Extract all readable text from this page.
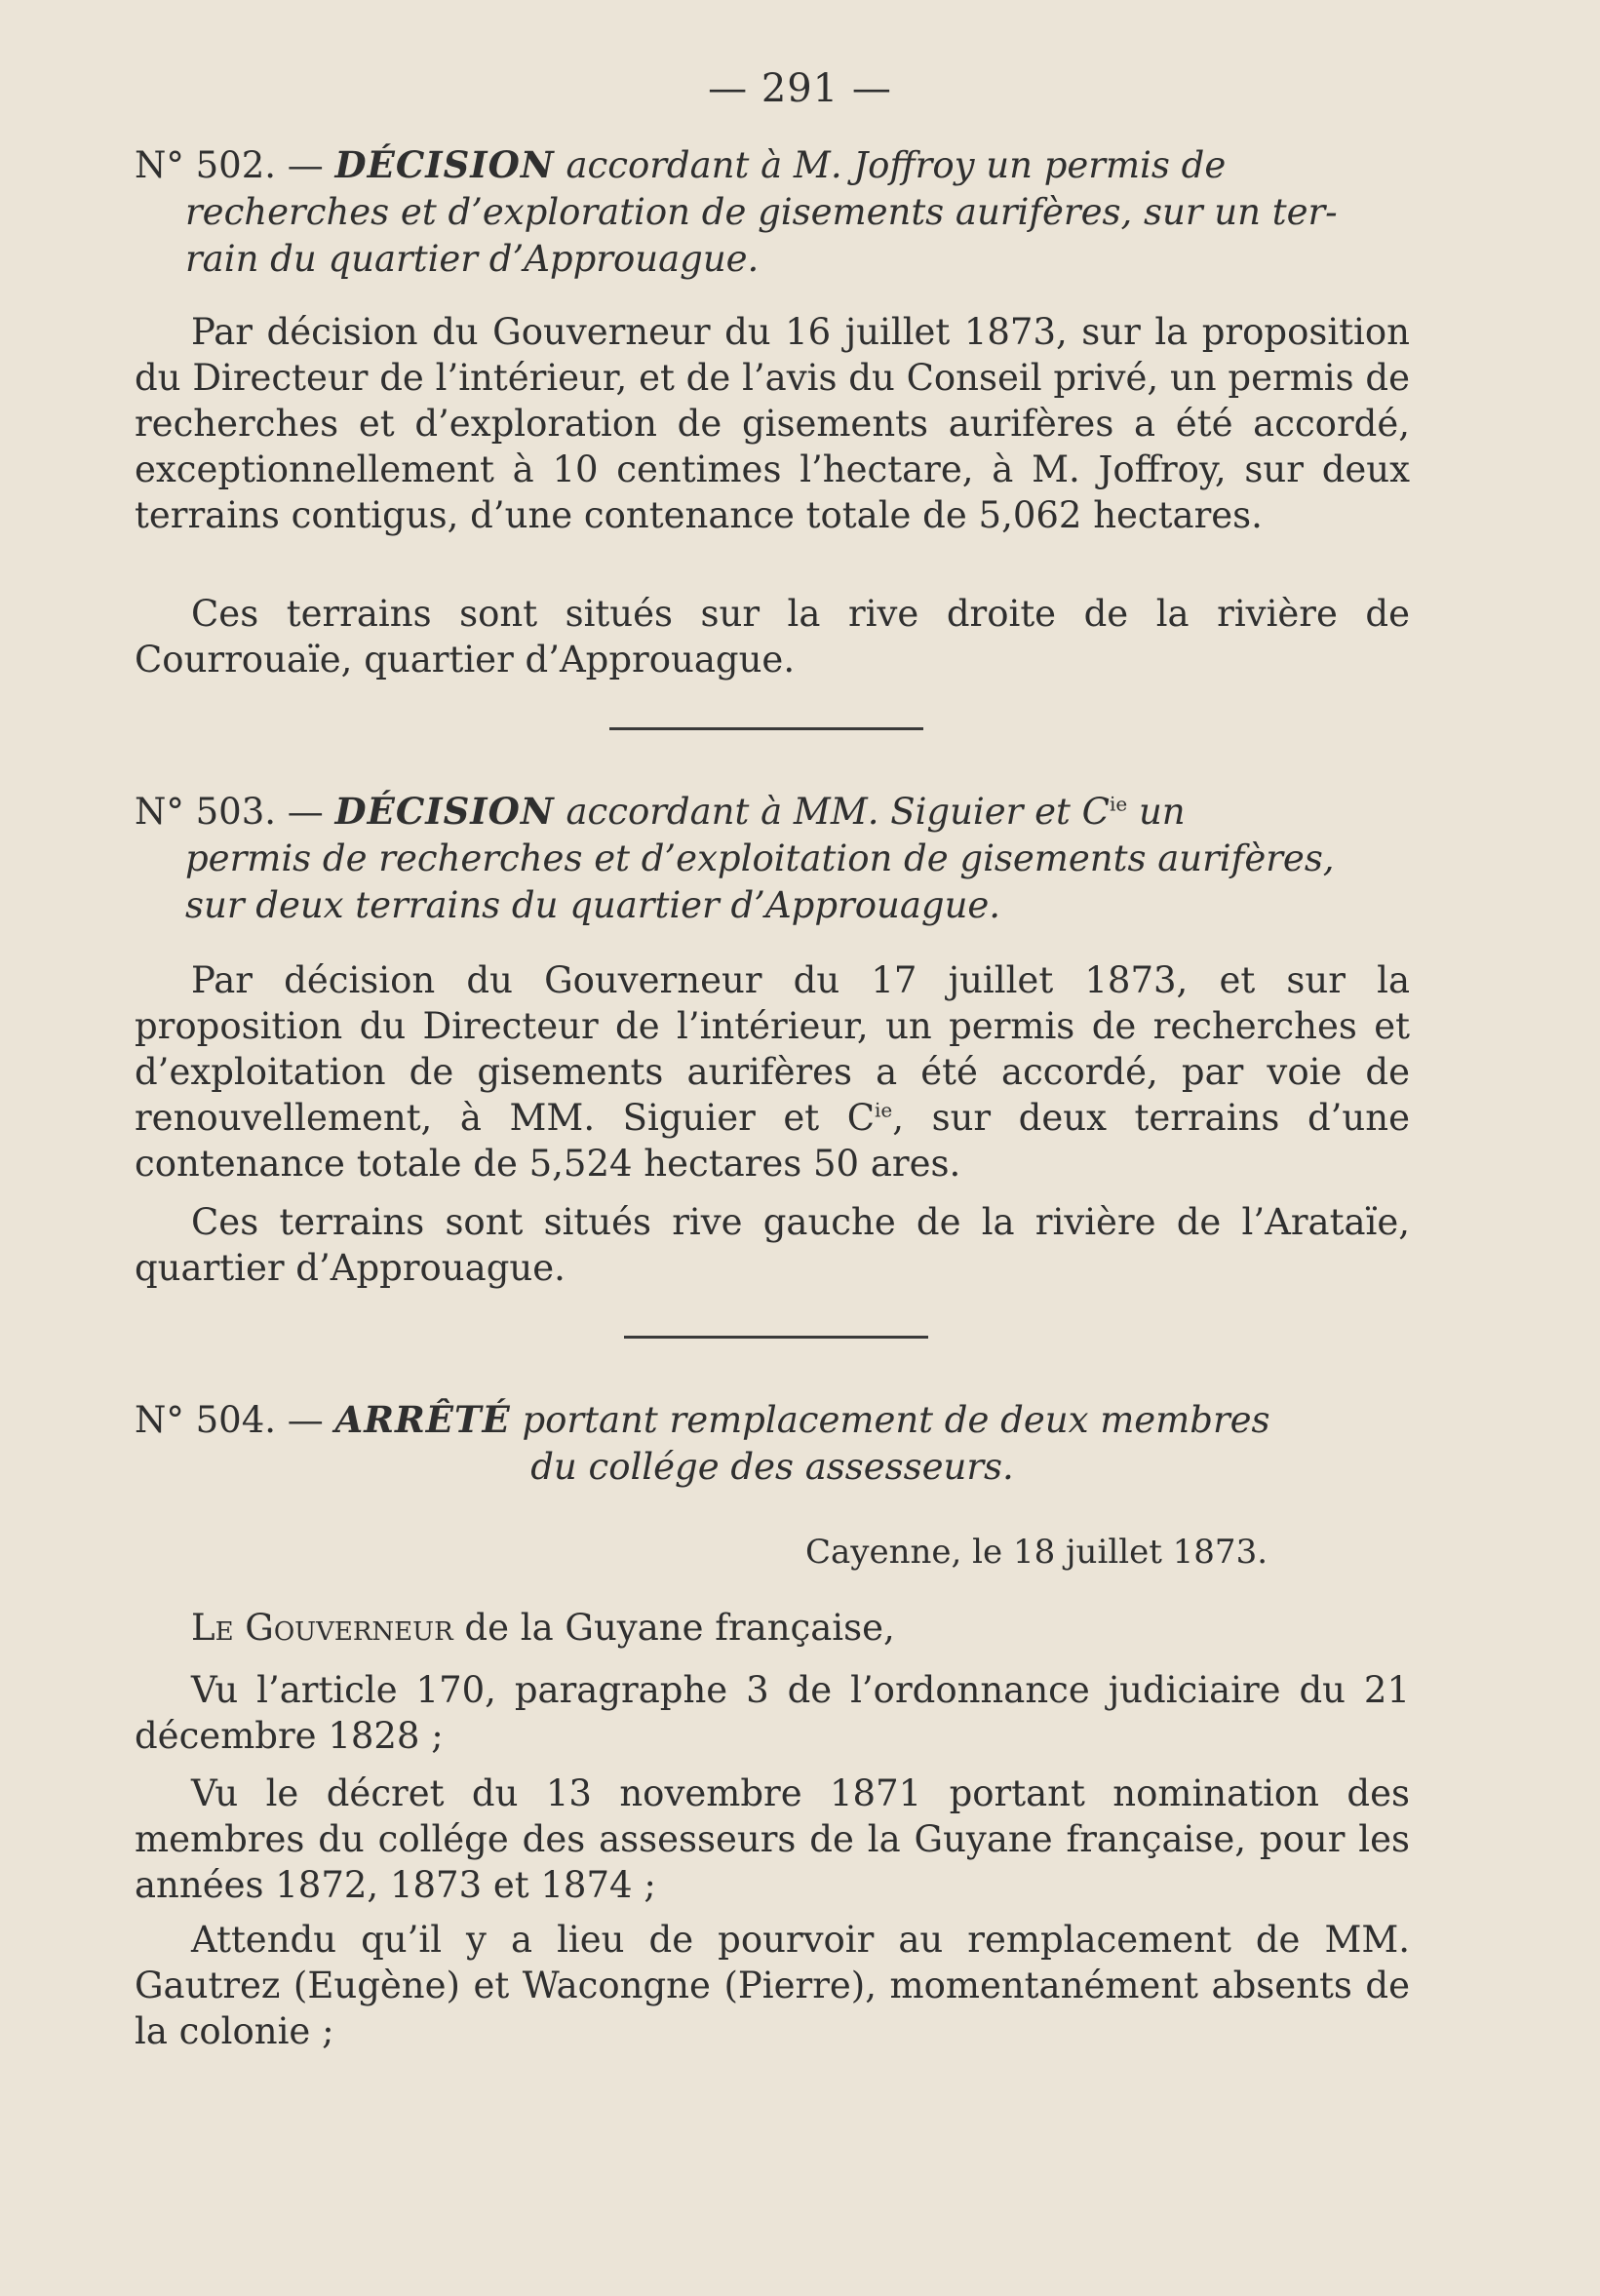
— 291 —
N° 502. — DÉCISION accordant à M. Joffroy un permis de
recherches et d’exploration de gisements aurifères, sur un ter-
rain du quartier d’Approuague.
Par décision du Gouverneur du 16 juillet 1873, sur la proposition du Directeur de l’intérieur, et de l’avis du Conseil privé, un permis de recherches et d’exploration de gisements aurifères a été accordé, exceptionnellement à 10 centimes l’hectare, à M. Joffroy, sur deux terrains contigus, d’une contenance totale de 5,062 hectares.
Ces terrains sont situés sur la rive droite de la rivière de Courrouaïe, quartier d’Approuague.
N° 503. — DÉCISION accordant à MM. Siguier et $C^{ie}$ un
permis de recherches et d’exploitation de gisements aurifères,
sur deux terrains du quartier d’Approuague.
Par décision du Gouverneur du 17 juillet 1873, et sur la proposition du Directeur de l’intérieur, un permis de recherches et d’exploitation de gisements aurifères a été accordé, par voie de renouvellement, à MM. Siguier et $C^{ie}$, sur deux terrains d’une contenance totale de 5,524 hectares 50 ares.
Ces terrains sont situés rive gauche de la rivière de l’Arataïe, quartier d’Approuague.
N° 504. — ARRÊTÉ portant remplacement de deux membres
du collége des assesseurs.
Cayenne, le 18 juillet 1873.
Le Gouverneur de la Guyane française,
Vu l’article 170, paragraphe 3 de l’ordonnance judiciaire du 21 décembre 1828 ;
Vu le décret du 13 novembre 1871 portant nomination des membres du collége des assesseurs de la Guyane française, pour les années 1872, 1873 et 1874 ;
Attendu qu’il y a lieu de pourvoir au remplacement de MM. Gautrez (Eugène) et Wacongne (Pierre), momentanément absents de la colonie ;
